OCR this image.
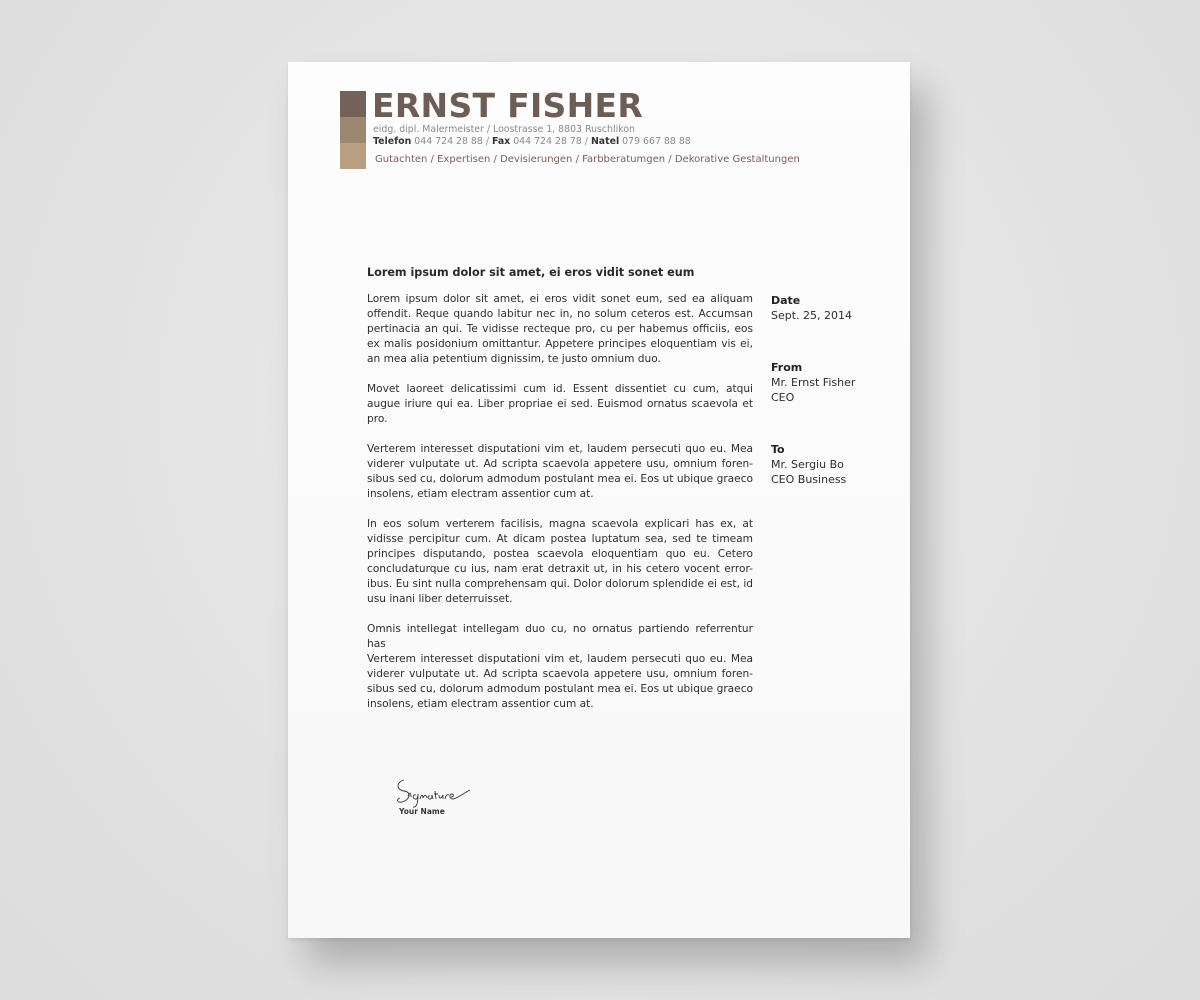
ERNST FISHER
eidg. dipl. Malermeister / Loostrasse 1, 8803 Ruschlikon
Telefon 044 724 28 88 / Fax 044 724 28 78 / Natel 079 667 88 88
Gutachten / Expertisen / Devisierungen / Farbberatumgen / Dekorative Gestaltungen
Lorem ipsum dolor sit amet, ei eros vidit sonet eum

Lorem ipsum dolor sit amet, ei eros vidit sonet eum, sed ea aliquam offendit. Reque quando labitur nec in, no solum ceteros est. Accumsan pertinacia an qui. Te vidisse recteque pro, cu per habemus officiis, eos ex malis posidonium omittantur. Appetere principes eloquentiam vis ei, an mea alia petentium dignissim, te justo omnium duo.

Movet laoreet delicatissimi cum id. Essent dissentiet cu cum, atqui augue iriure qui ea. Liber propriae ei sed. Euismod ornatus scaevola et pro.

Verterem interesset disputationi vim et, laudem persecuti quo eu. Mea viderer vulputate ut. Ad scripta scaevola appetere usu, omnium foren-sibus sed cu, dolorum admodum postulant mea ei. Eos ut ubique graeco insolens, etiam electram assentior cum at.

In eos solum verterem facilisis, magna scaevola explicari has ex, at vidisse percipitur cum. At dicam postea luptatum sea, sed te timeam principes disputando, postea scaevola eloquentiam quo eu. Cetero concludaturque cu ius, nam erat detraxit ut, in his cetero vocent error-ibus. Eu sint nulla comprehensam qui. Dolor dolorum splendide ei est, id usu inani liber deterruisset.

Omnis intellegat intellegam duo cu, no ornatus partiendo referrentur has
Verterem interesset disputationi vim et, laudem persecuti quo eu. Mea viderer vulputate ut. Ad scripta scaevola appetere usu, omnium foren-sibus sed cu, dolorum admodum postulant mea ei. Eos ut ubique graeco insolens, etiam electram assentior cum at.

Date
Sept. 25, 2014
From
Mr. Ernst Fisher
CEO
To
Mr. Sergiu Bo
CEO Business
Your Name
